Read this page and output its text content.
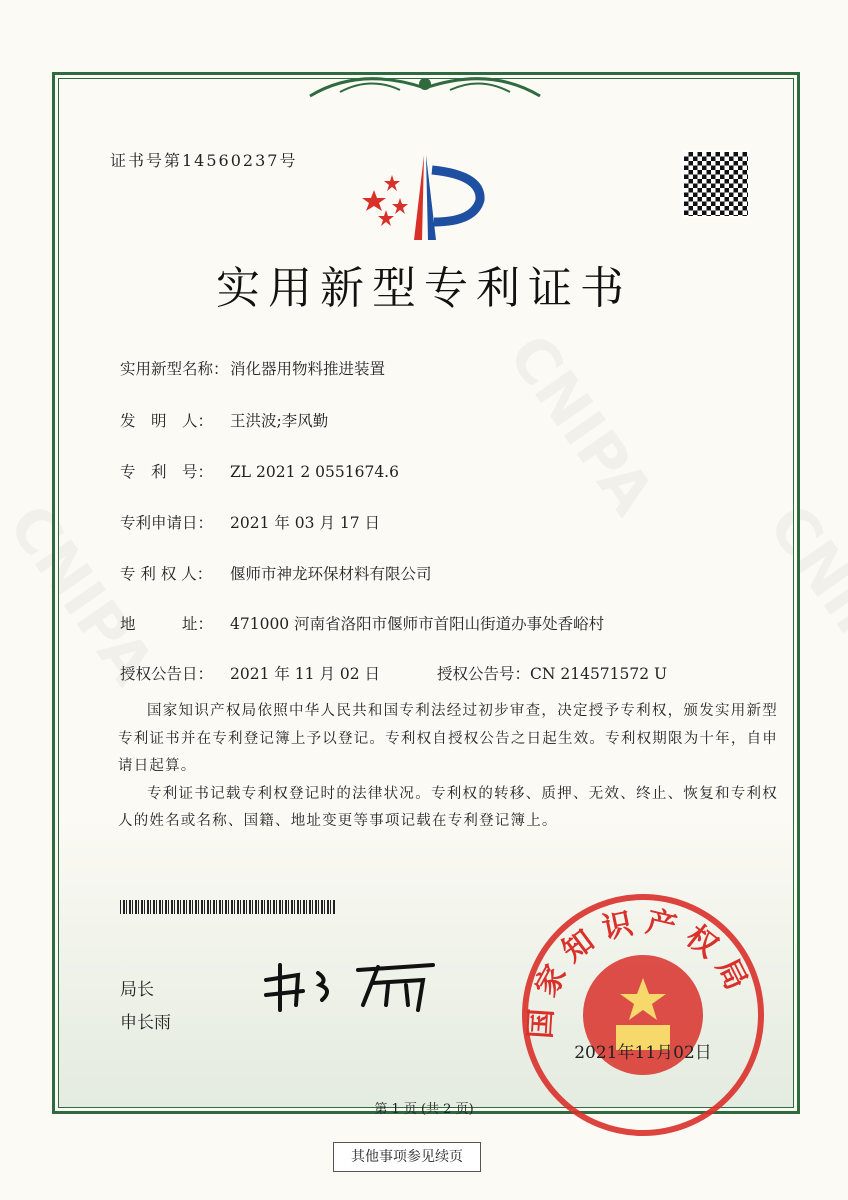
证书号第14560237号
实用新型专利证书
实用新型名称：消化器用物料推进装置
发　明　人： 王洪波;李风勤
专　利　号： ZL 2021 2 0551674.6
专利申请日： 2021 年 03 月 17 日
专 利 权 人： 偃师市神龙环保材料有限公司
地　　　址： 471000 河南省洛阳市偃师市首阳山街道办事处香峪村
授权公告日： 2021 年 11 月 02 日	授权公告号：CN 214571572 U

国家知识产权局依照中华人民共和国专利法经过初步审查，决定授予专利权，颁发实用新型专利证书并在专利登记簿上予以登记。专利权自授权公告之日起生效。专利权期限为十年，自申请日起算。

专利证书记载专利权登记时的法律状况。专利权的转移、质押、无效、终止、恢复和专利权人的姓名或名称、国籍、地址变更等事项记载在专利登记簿上。

局长
申长雨	国家知识产权局
2021年11月02日
第 1 页 (共 2 页)
其他事项参见续页
